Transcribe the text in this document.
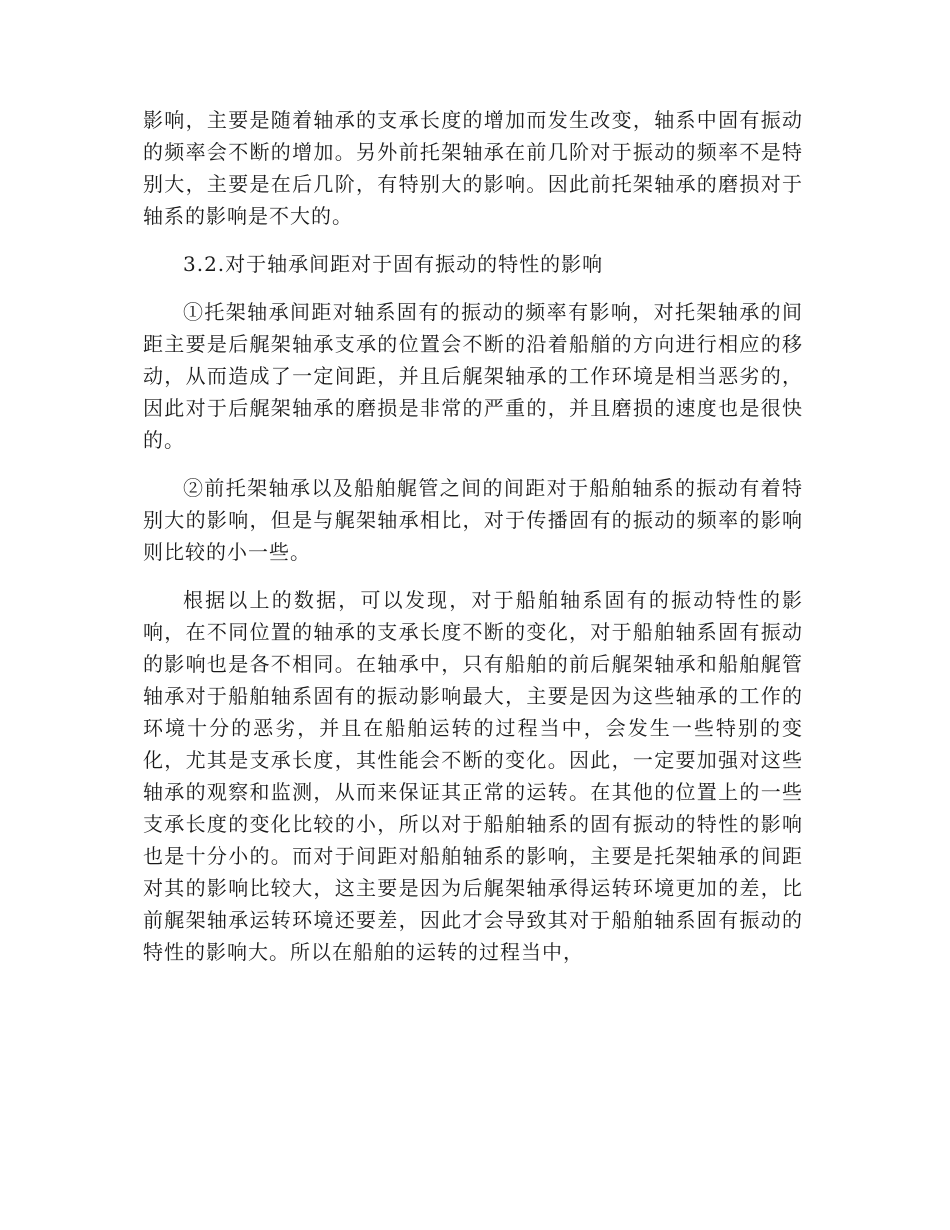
影响，主要是随着轴承的支承长度的增加而发生改变，轴系中固有振动的频率会不断的增加。另外前托架轴承在前几阶对于振动的频率不是特别大，主要是在后几阶，有特别大的影响。因此前托架轴承的磨损对于轴系的影响是不大的。

3.2.对于轴承间距对于固有振动的特性的影响

①托架轴承间距对轴系固有的振动的频率有影响，对托架轴承的间距主要是后艉架轴承支承的位置会不断的沿着船艏的方向进行相应的移动，从而造成了一定间距，并且后艉架轴承的工作环境是相当恶劣的，因此对于后艉架轴承的磨损是非常的严重的，并且磨损的速度也是很快的。

②前托架轴承以及船舶艉管之间的间距对于船舶轴系的振动有着特别大的影响，但是与艉架轴承相比，对于传播固有的振动的频率的影响则比较的小一些。

根据以上的数据，可以发现，对于船舶轴系固有的振动特性的影响，在不同位置的轴承的支承长度不断的变化，对于船舶轴系固有振动的影响也是各不相同。在轴承中，只有船舶的前后艉架轴承和船舶艉管轴承对于船舶轴系固有的振动影响最大，主要是因为这些轴承的工作的环境十分的恶劣，并且在船舶运转的过程当中，会发生一些特别的变化，尤其是支承长度，其性能会不断的变化。因此，一定要加强对这些轴承的观察和监测，从而来保证其正常的运转。在其他的位置上的一些支承长度的变化比较的小，所以对于船舶轴系的固有振动的特性的影响也是十分小的。而对于间距对船舶轴系的影响，主要是托架轴承的间距对其的影响比较大，这主要是因为后艉架轴承得运转环境更加的差，比前艉架轴承运转环境还要差，因此才会导致其对于船舶轴系固有振动的特性的影响大。所以在船舶的运转的过程当中，
